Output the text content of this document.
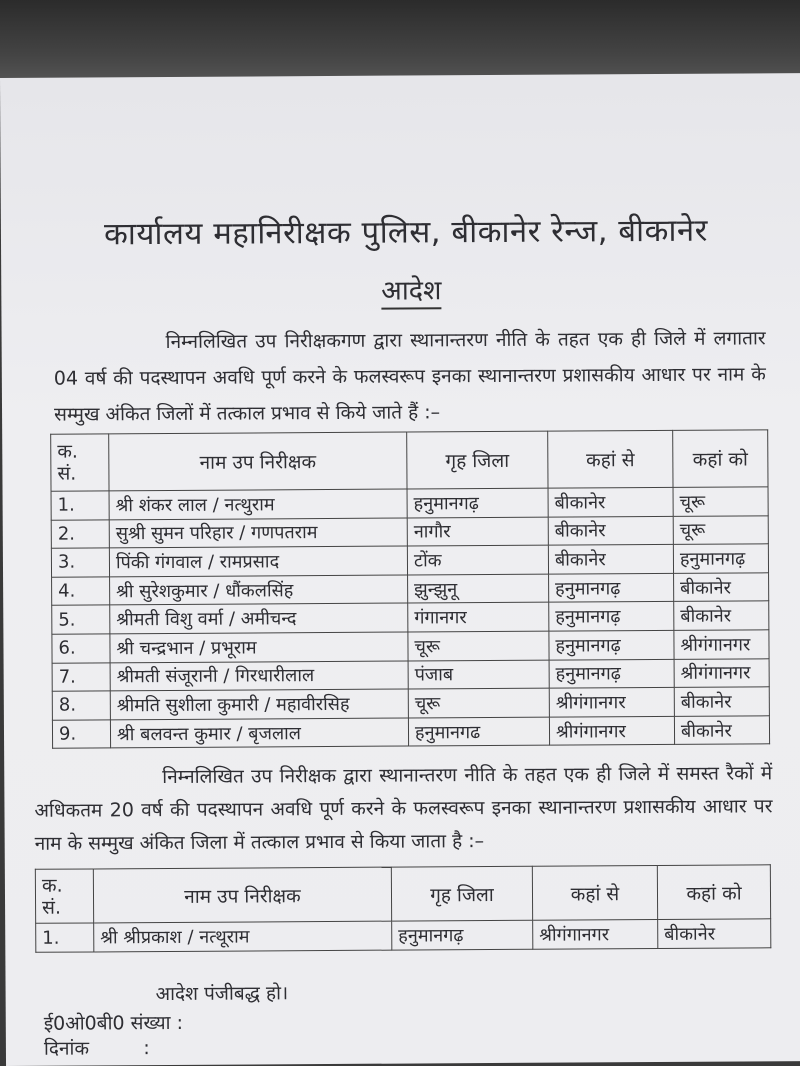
कार्यालय महानिरीक्षक पुलिस, बीकानेर रेन्ज, बीकानेर
आदेश
निम्नलिखित उप निरीक्षकगण द्वारा स्थानान्तरण नीति के तहत एक ही जिले में लगातार 04 वर्ष की पदस्थापन अवधि पूर्ण करने के फलस्वरूप इनका स्थानान्तरण प्रशासकीय आधार पर नाम के सम्मुख अंकित जिलों में तत्काल प्रभाव से किये जाते हैं :–
क.
सं.	नाम उप निरीक्षक	गृह जिला	कहां से	कहां को
1.	श्री शंकर लाल / नत्थुराम	हनुमानगढ़	बीकानेर	चूरू
2.	सुश्री सुमन परिहार / गणपतराम	नागौर	बीकानेर	चूरू
3.	पिंकी गंगवाल / रामप्रसाद	टोंक	बीकानेर	हनुमानगढ़
4.	श्री सुरेशकुमार / धौंकलसिंह	झुन्झुनू	हनुमानगढ़	बीकानेर
5.	श्रीमती विशु वर्मा / अमीचन्द	गंगानगर	हनुमानगढ़	बीकानेर
6.	श्री चन्द्रभान / प्रभूराम	चूरू	हनुमानगढ़	श्रीगंगानगर
7.	श्रीमती संजूरानी / गिरधारीलाल	पंजाब	हनुमानगढ़	श्रीगंगानगर
8.	श्रीमति सुशीला कुमारी / महावीरसिह	चूरू	श्रीगंगानगर	बीकानेर
9.	श्री बलवन्त कुमार / बृजलाल	हनुमानगढ	श्रीगंगानगर	बीकानेर
निम्नलिखित उप निरीक्षक द्वारा स्थानान्तरण नीति के तहत एक ही जिले में समस्त रैकों में अधिकतम 20 वर्ष की पदस्थापन अवधि पूर्ण करने के फलस्वरूप इनका स्थानान्तरण प्रशासकीय आधार पर नाम के सम्मुख अंकित जिला में तत्काल प्रभाव से किया जाता है :–
क.
सं.	नाम उप निरीक्षक	गृह जिला	कहां से	कहां को
1.	श्री श्रीप्रकाश / नत्थूराम	हनुमानगढ़	श्रीगंगानगर	बीकानेर
आदेश पंजीबद्ध हो।
ई0ओ0बी0 संख्या :
दिनांक         :
